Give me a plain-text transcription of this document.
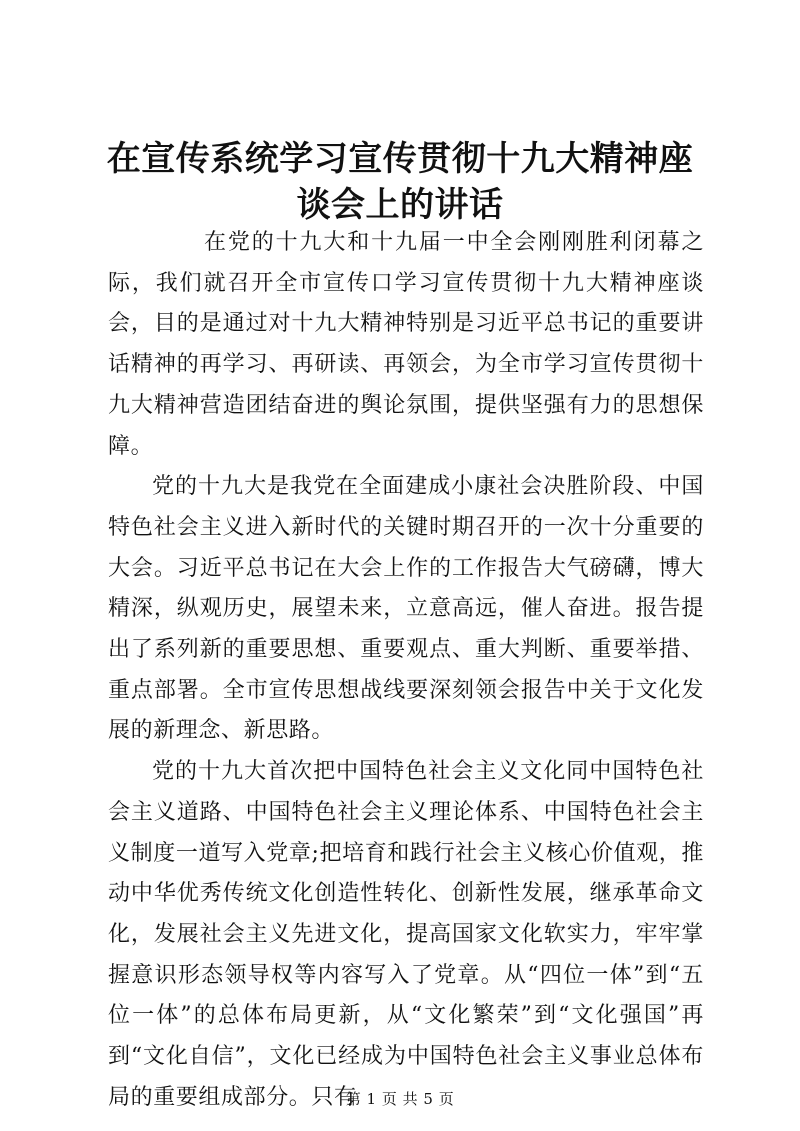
在宣传系统学习宣传贯彻十九大精神座谈会上的讲话

在党的十九大和十九届一中全会刚刚胜利闭幕之际，我们就召开全市宣传口学习宣传贯彻十九大精神座谈会，目的是通过对十九大精神特别是习近平总书记的重要讲话精神的再学习、再研读、再领会，为全市学习宣传贯彻十九大精神营造团结奋进的舆论氛围，提供坚强有力的思想保障。

党的十九大是我党在全面建成小康社会决胜阶段、中国特色社会主义进入新时代的关键时期召开的一次十分重要的大会。习近平总书记在大会上作的工作报告大气磅礴，博大精深，纵观历史，展望未来，立意高远，催人奋进。报告提出了系列新的重要思想、重要观点、重大判断、重要举措、重点部署。全市宣传思想战线要深刻领会报告中关于文化发展的新理念、新思路。

党的十九大首次把中国特色社会主义文化同中国特色社会主义道路、中国特色社会主义理论体系、中国特色社会主义制度一道写入党章;把培育和践行社会主义核心价值观，推动中华优秀传统文化创造性转化、创新性发展，继承革命文化，发展社会主义先进文化，提高国家文化软实力，牢牢掌握意识形态领导权等内容写入了党章。从“四位一体”到“五位一体”的总体布局更新，从“文化繁荣”到“文化强国”再到“文化自信”，文化已经成为中国特色社会主义事业总体布局的重要组成部分。只有

第 1 页 共 5 页
